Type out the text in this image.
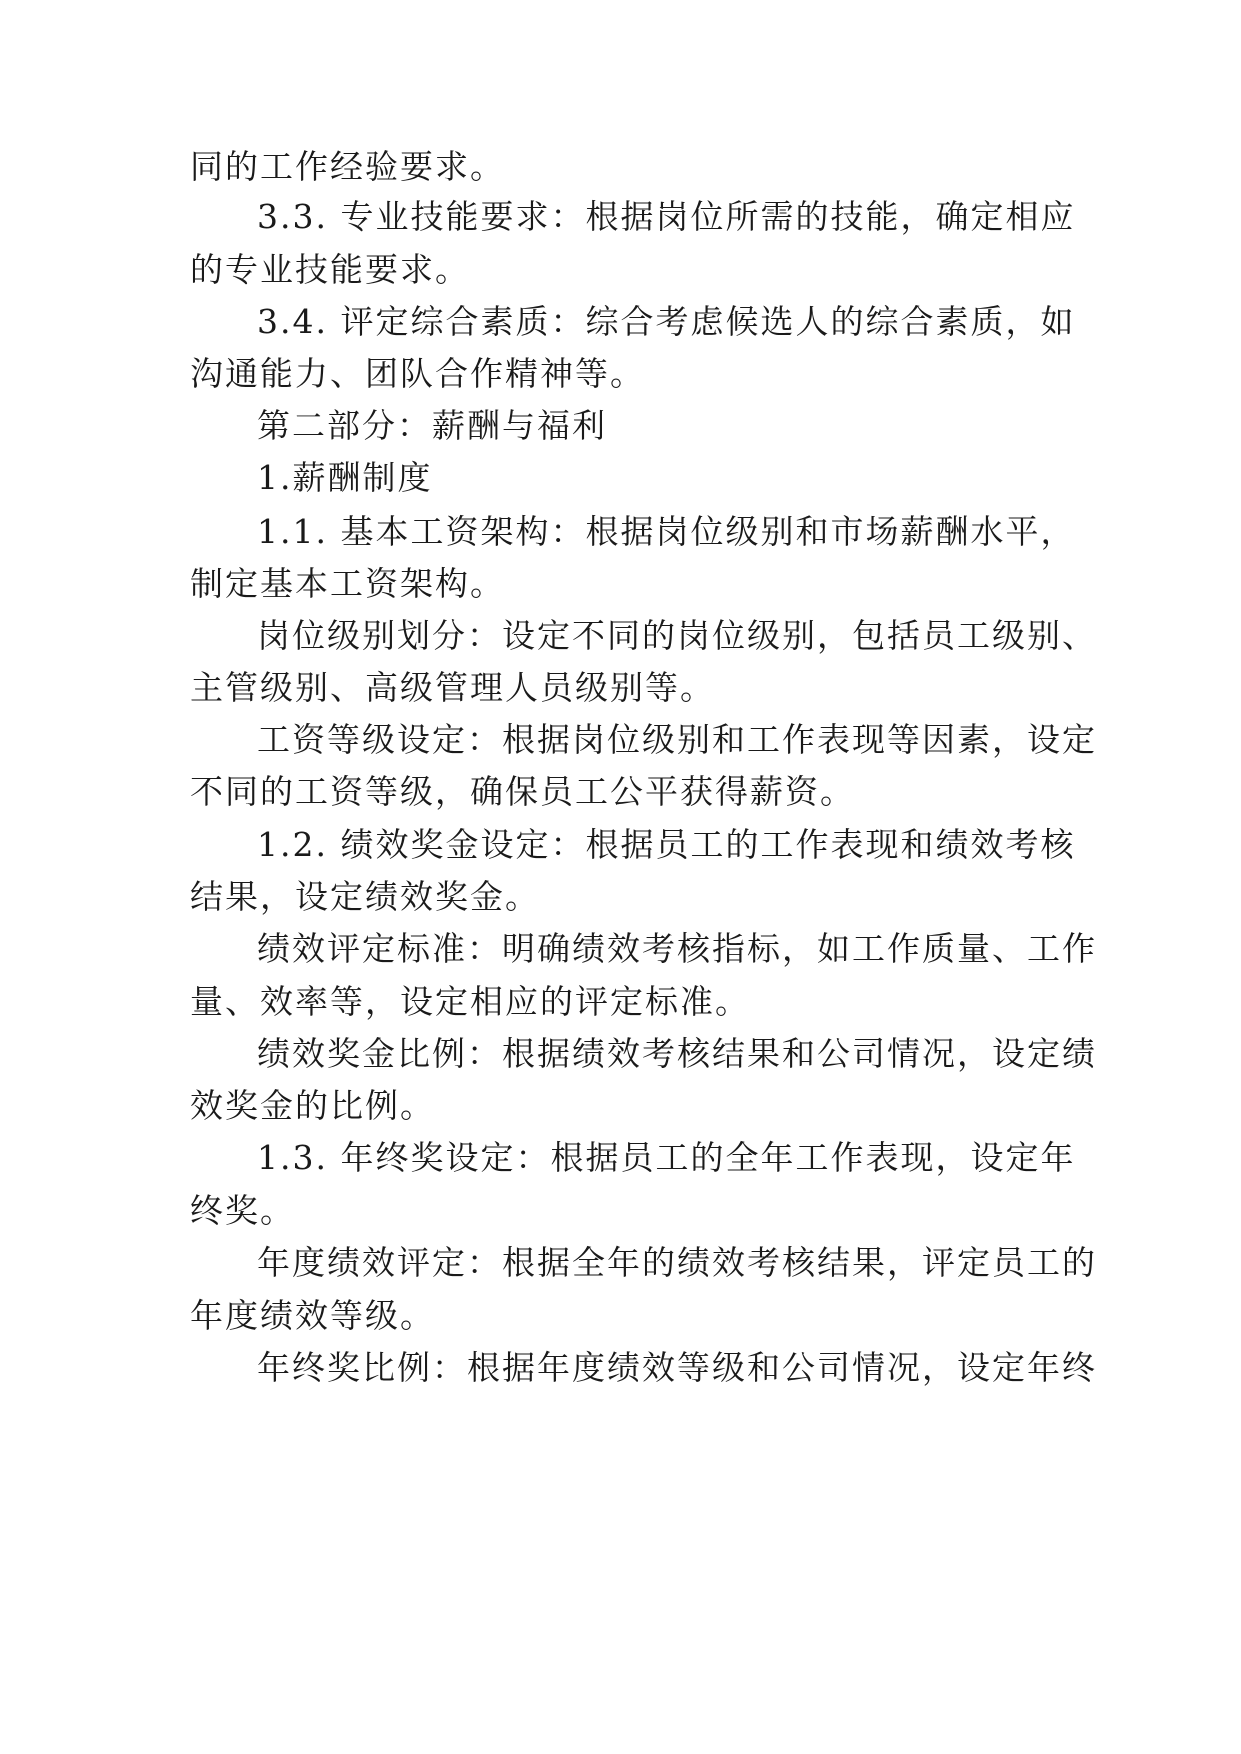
同的工作经验要求。
3.3. 专业技能要求：根据岗位所需的技能，确定相应
的专业技能要求。
3.4. 评定综合素质：综合考虑候选人的综合素质，如
沟通能力、团队合作精神等。
第二部分：薪酬与福利
1.薪酬制度
1.1. 基本工资架构：根据岗位级别和市场薪酬水平，
制定基本工资架构。
岗位级别划分：设定不同的岗位级别，包括员工级别、
主管级别、高级管理人员级别等。
工资等级设定：根据岗位级别和工作表现等因素，设定
不同的工资等级，确保员工公平获得薪资。
1.2. 绩效奖金设定：根据员工的工作表现和绩效考核
结果，设定绩效奖金。
绩效评定标准：明确绩效考核指标，如工作质量、工作
量、效率等，设定相应的评定标准。
绩效奖金比例：根据绩效考核结果和公司情况，设定绩
效奖金的比例。
1.3. 年终奖设定：根据员工的全年工作表现，设定年
终奖。
年度绩效评定：根据全年的绩效考核结果，评定员工的
年度绩效等级。
年终奖比例：根据年度绩效等级和公司情况，设定年终
